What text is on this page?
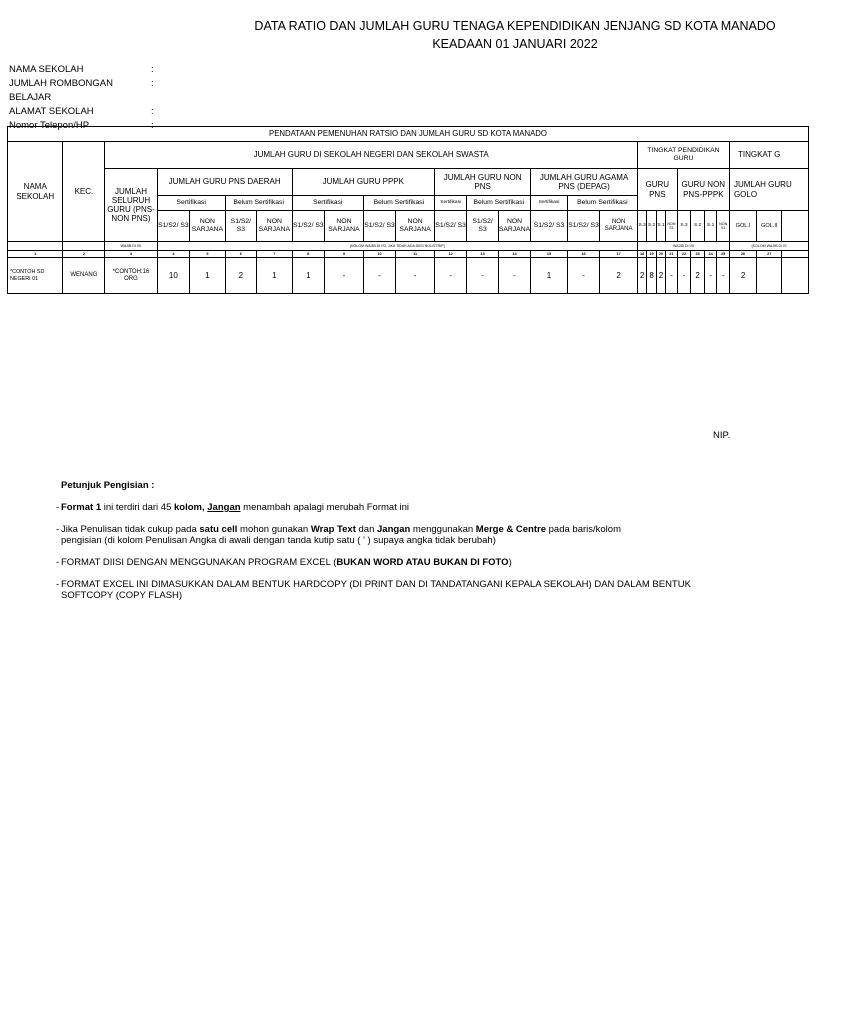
DATA RATIO DAN JUMLAH GURU TENAGA KEPENDIDIKAN JENJANG SD KOTA MANADO
KEADAAN 01 JANUARI 2022
NAMA SEKOLAH	:
JUMLAH ROMBONGAN BELAJAR
:
ALAMAT SEKOLAH	:
Nomor Telepon/HP	:
PENDATAAN PEMENUHAN RATSIO DAN JUMLAH GURU SD KOTA MANADO																											
NAMA SEKOLAH	KEC.	JUMLAH GURU DI SEKOLAH NEGERI DAN SEKOLAH SWASTA															TINGKAT PENDIDIKAN GURU								TINGKAT G		
		JUMLAH SELURUH GURU (PNS-NON PNS)	JUMLAH GURU PNS DAERAH				JUMLAH GURU PPPK				JUMLAH GURU NON PNS			JUMLAH GURU AGAMA PNS (DEPAG)			GURU PNS				GURU NON PNS-PPPK				JUMLAH GURU GOLO		
			Sertifikasi		Belum Sertifikasi		Sertifikasi		Belum Sertifikasi		Sertifikasi	Belum Sertifikasi		Sertifikasi	Belum Sertifikasi												
			S1/S2/ S3	NON SARJANA	S1/S2/ S3	NON SARJANA	S1/S2/ S3	NON SARJANA	S1/S2/ S3	NON SARJANA	S1/S2/ S3	S1/S2/ S3	NON SARJANA	S1/S2/ S3	S1/S2/ S3	NON SARJANA	S.3	S.2	S.1	NON S1	S.3	S.2	S.1	NON S1	GOL.I	GOL.II	
		WAJIB DI ISI	(KOLOM WAJIB DI ISI, JIKA TIDAK ADA DIISI NOL/STRIP)														WAJIB DI ISI								(KOLOM WAJIB DI IS		
1	2	3	4	5	6	7	8	9	10	11	12	13	14	15	16	17	18	19	20	21	22	23	24	25	26	27	
*CONTOH SD NEGERI 01	WENANG	*CONTOH:16 ORG	10	1	2	1	1	-	-	-	-	-	-	1	-	2	2	8	2	-	-	2	-	-	2		
NIP.
Petunjuk Pengisian :
- Format 1 ini terdiri dari 45 kolom, Jangan menambah apalagi merubah Format ini
- Jika Penulisan tidak cukup pada satu cell mohon gunakan Wrap Text dan Jangan menggunakan Merge & Centre pada baris/kolom
pengisian (di kolom Penulisan Angka di awali dengan tanda kutip satu ( ' ) supaya angka tidak berubah)
- FORMAT DIISI DENGAN MENGGUNAKAN PROGRAM EXCEL (BUKAN WORD ATAU BUKAN DI FOTO)
- FORMAT EXCEL INI DIMASUKKAN DALAM BENTUK HARDCOPY (DI PRINT DAN DI TANDATANGANI KEPALA SEKOLAH) DAN DALAM BENTUK
SOFTCOPY (COPY FLASH)
